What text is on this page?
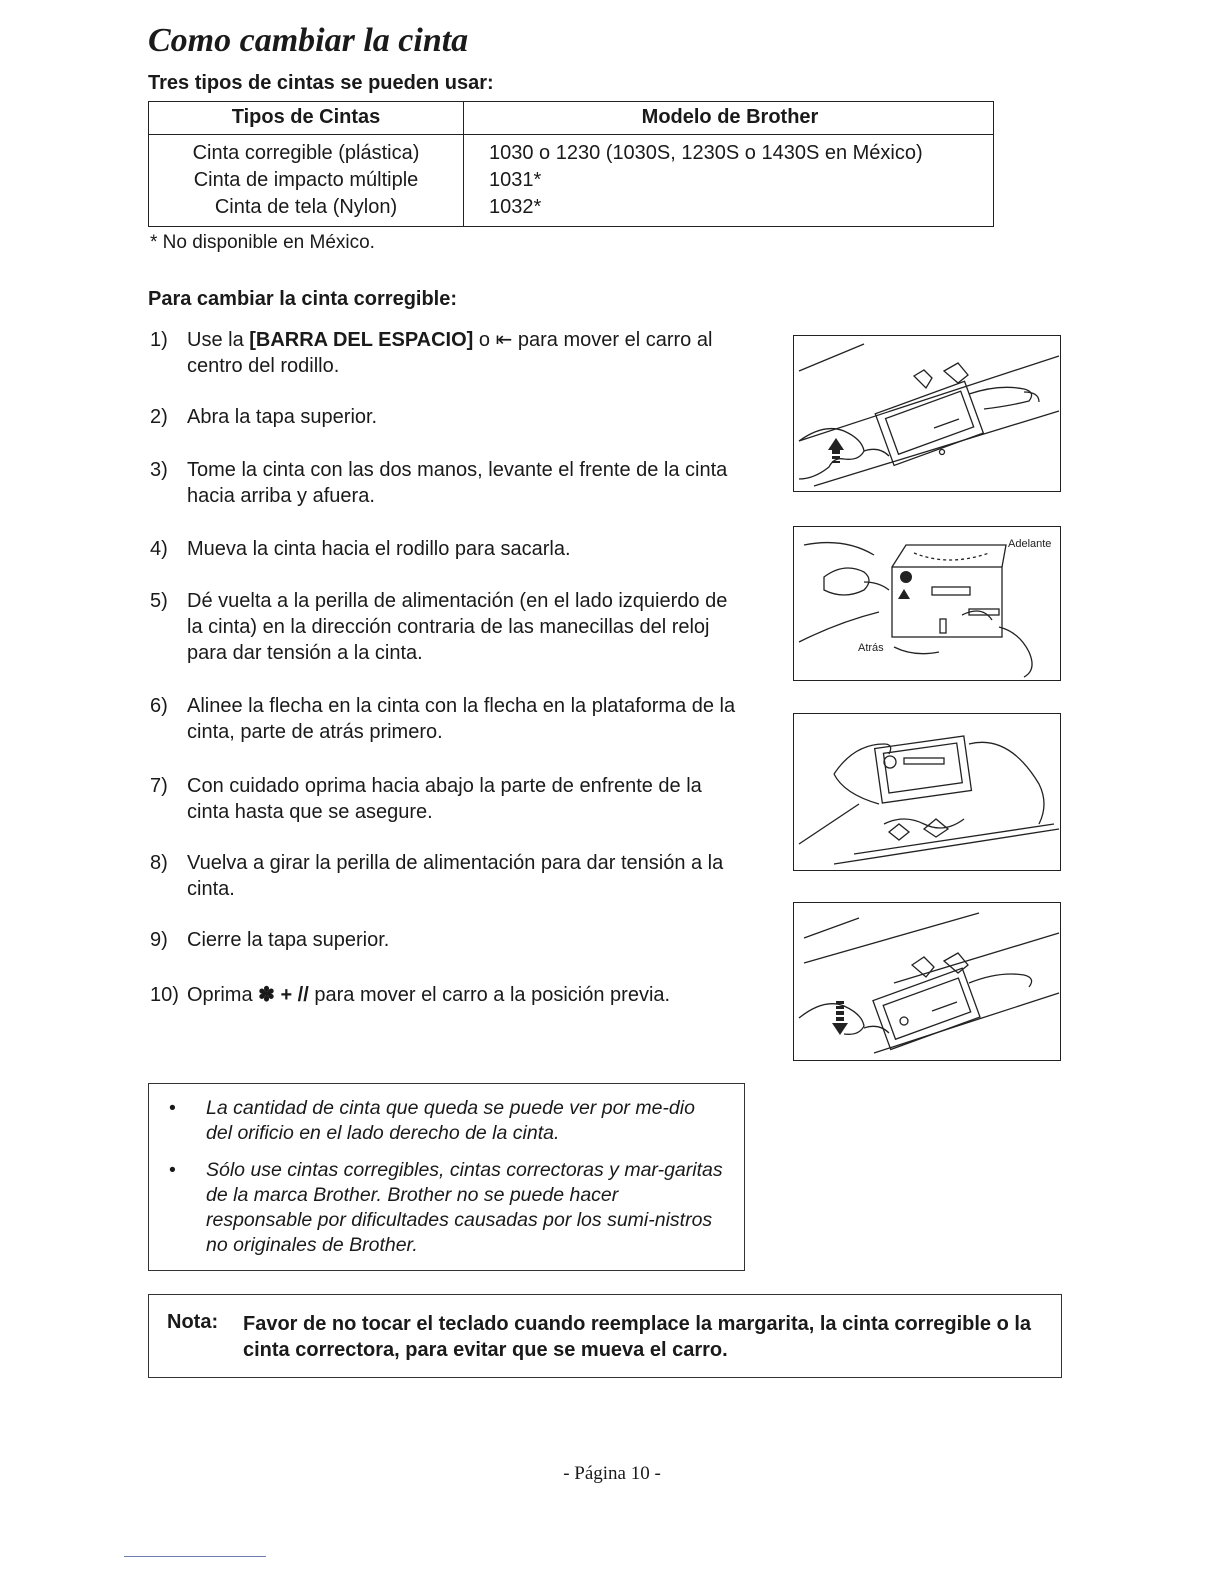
Como cambiar la cinta
Tres tipos de cintas se pueden usar:
Tipos de Cintas	Modelo de Brother
Cinta corregible (plástica)	1030 o 1230 (1030S, 1230S o 1430S en México)
Cinta de impacto múltiple	1031*
Cinta de tela (Nylon)	1032*
* No disponible en México.
Para cambiar la cinta corregible:
1) Use la [BARRA DEL ESPACIO] o ⇤ para mover el carro al centro del rodillo.
2) Abra la tapa superior.
3) Tome la cinta con las dos manos, levante el frente de la cinta hacia arriba y afuera.
4) Mueva la cinta hacia el rodillo para sacarla.
5) Dé vuelta a la perilla de alimentación (en el lado izquierdo de la cinta) en la dirección contraria de las manecillas del reloj para dar tensión a la cinta.
6) Alinee la flecha en la cinta con la flecha en la plataforma de la cinta, parte de atrás primero.
7) Con cuidado oprima hacia abajo la parte de enfrente de la cinta hasta que se asegure.
8) Vuelva a girar la perilla de alimentación para dar tensión a la cinta.
9) Cierre la tapa superior.
10) Oprima ✽ + // para mover el carro a la posición previa.
Adelante
Atrás
• La cantidad de cinta que queda se puede ver por me-dio del orificio en el lado derecho de la cinta.
• Sólo use cintas corregibles, cintas correctoras y mar-garitas de la marca Brother. Brother no se puede hacer responsable por dificultades causadas por los sumi-nistros no originales de Brother.
Nota: Favor de no tocar el teclado cuando reemplace la margarita, la cinta corregible o la cinta correctora, para evitar que se mueva el carro.
- Página 10 -
